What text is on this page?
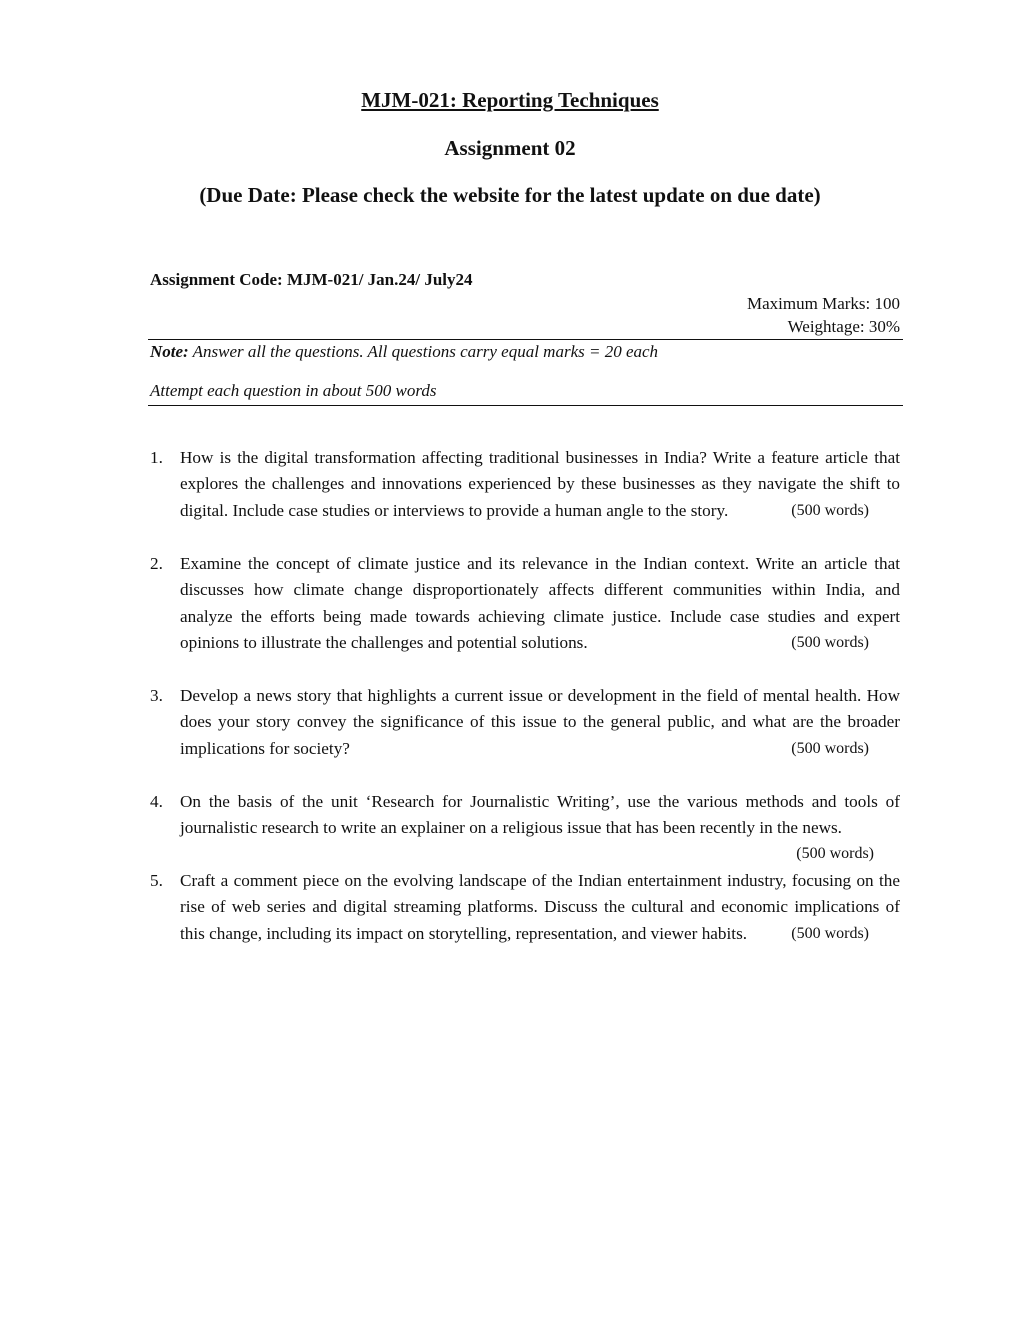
MJM-021: Reporting Techniques
Assignment 02
(Due Date: Please check the website for the latest update on due date)
Assignment Code: MJM-021/ Jan.24/ July24
Maximum Marks: 100
Weightage: 30%
Note: Answer all the questions. All questions carry equal marks = 20 each
Attempt each question in about 500 words
1. How is the digital transformation affecting traditional businesses in India? Write a feature article that explores the challenges and innovations experienced by these businesses as they navigate the shift to digital. Include case studies or interviews to provide a human angle to the story.	(500 words)
2. Examine the concept of climate justice and its relevance in the Indian context. Write an article that discusses how climate change disproportionately affects different communities within India, and analyze the efforts being made towards achieving climate justice. Include case studies and expert opinions to illustrate the challenges and potential solutions.	(500 words)
3. Develop a news story that highlights a current issue or development in the field of mental health. How does your story convey the significance of this issue to the general public, and what are the broader implications for society?	(500 words)
4. On the basis of the unit ‘Research for Journalistic Writing’, use the various methods and tools of journalistic research to write an explainer on a religious issue that has been recently in the news.
(500 words)
5. Craft a comment piece on the evolving landscape of the Indian entertainment industry, focusing on the rise of web series and digital streaming platforms. Discuss the cultural and economic implications of this change, including its impact on storytelling, representation, and viewer habits.	(500 words)
